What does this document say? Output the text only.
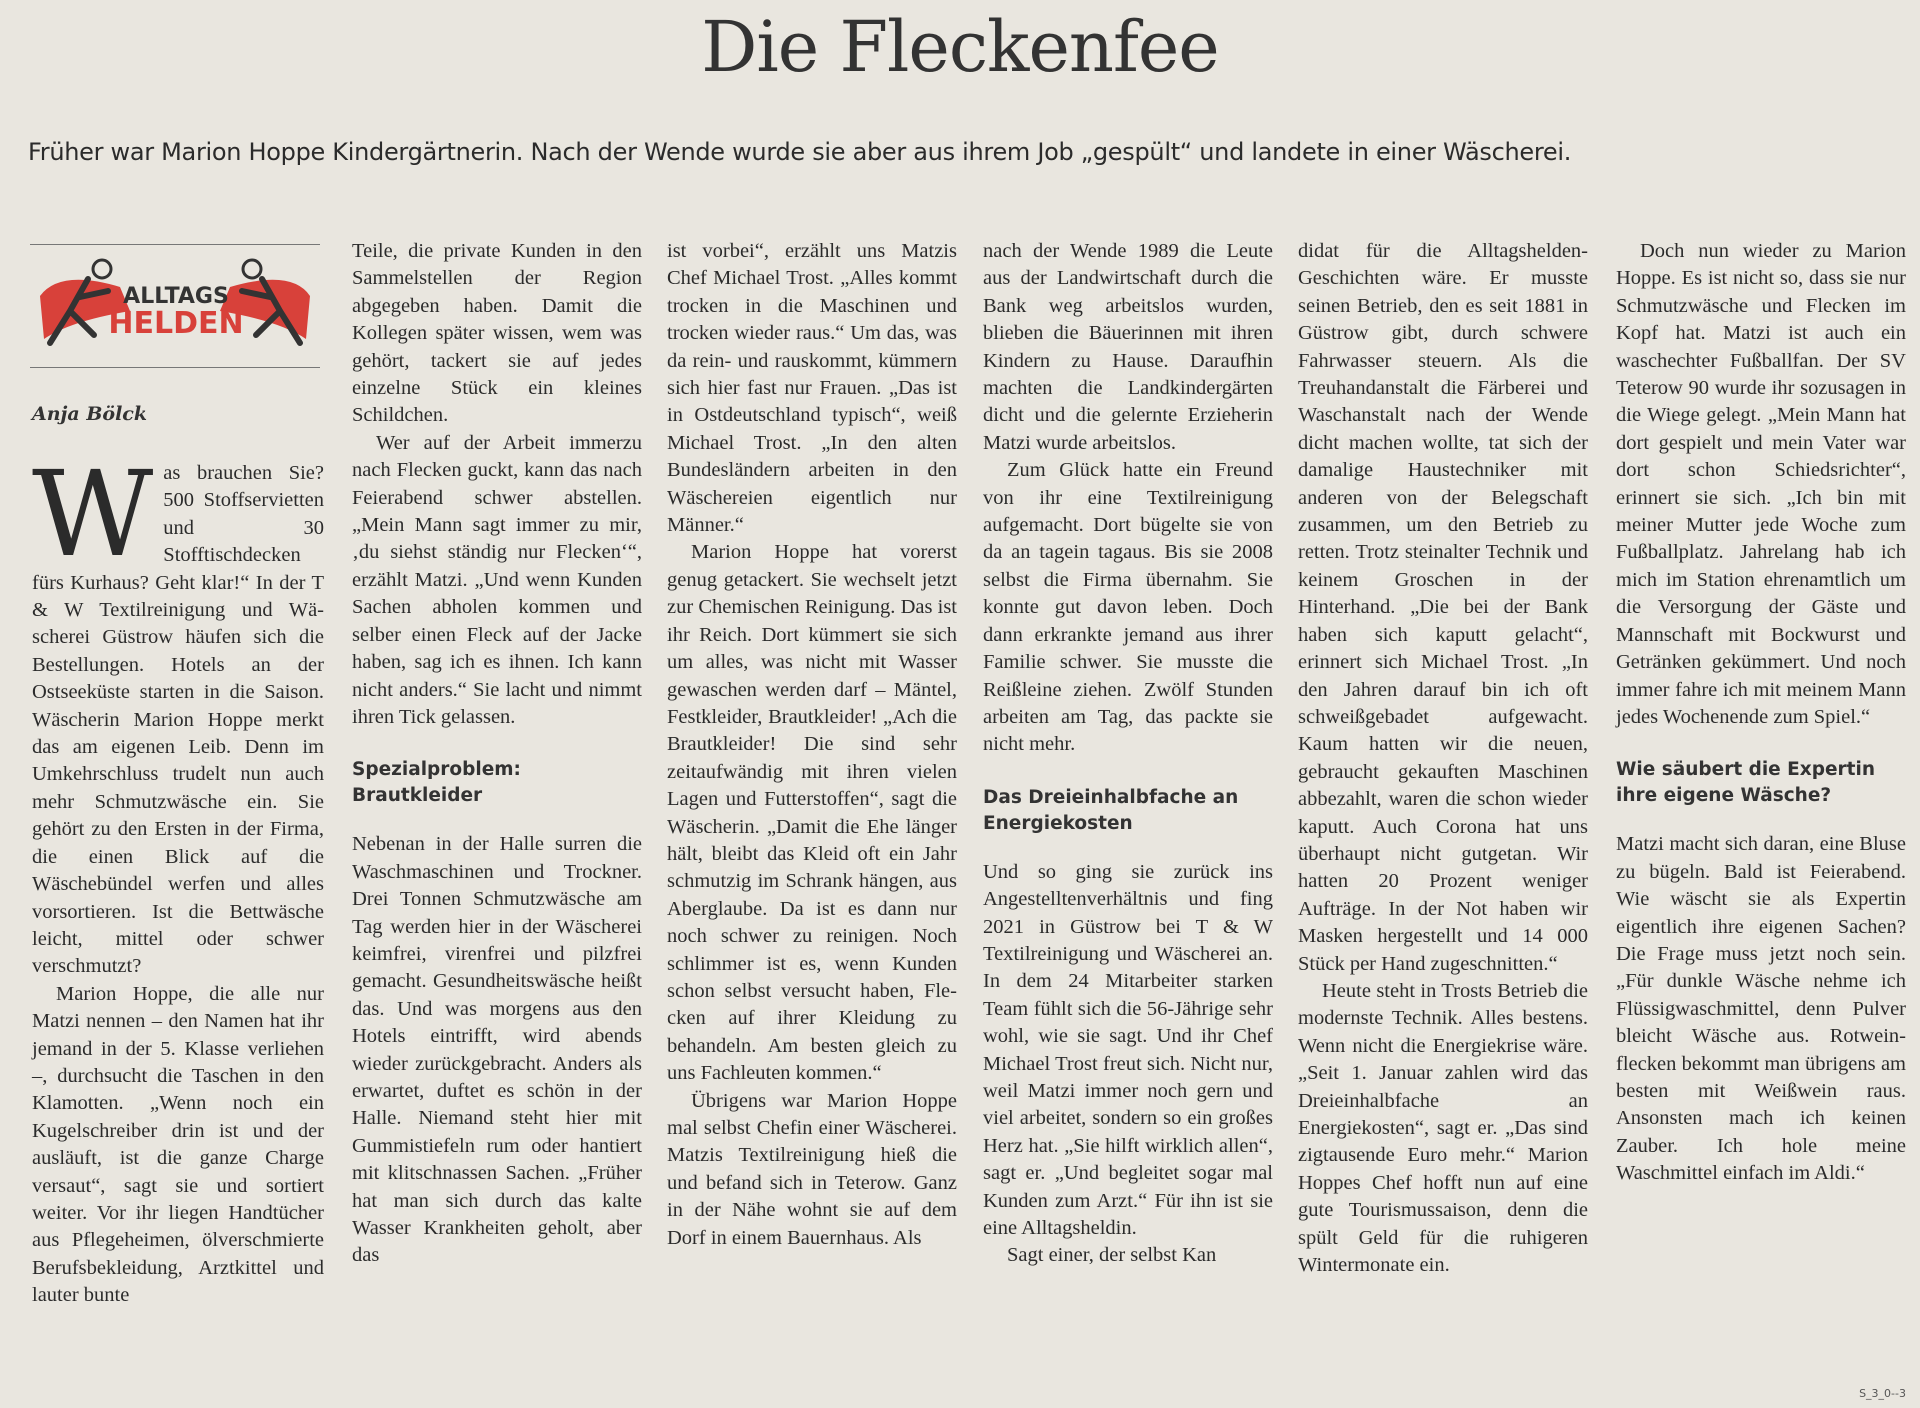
Die Fleckenfee
Früher war Marion Hoppe Kindergärtnerin. Nach der Wende wurde sie aber aus ihrem Job „gespült“ und landete in einer Wäscherei.
ALLTAGS
HELDEN
Anja Bölck

Was brauchen Sie? 500 Stoffservietten und 30 Stofftischdecken fürs Kurhaus? Geht klar!“ In der T & W Textilreinigung und Wäscherei Güstrow häufen sich die Bestellungen. Hotels an der Ostseeküste starten in die Saison. Wäscherin Marion Hoppe merkt das am eigenen Leib. Denn im Umkehrschluss trudelt nun auch mehr Schmutzwäsche ein. Sie gehört zu den Ersten in der Firma, die einen Blick auf die Wäschebündel werfen und alles vorsortieren. Ist die Bettwäsche leicht, mittel oder schwer verschmutzt?

Marion Hoppe, die alle nur Matzi nennen – den Namen hat ihr jemand in der 5. Klasse verliehen –, durchsucht die Taschen in den Klamotten. „Wenn noch ein Kugelschreiber drin ist und der ausläuft, ist die ganze Charge versaut“, sagt sie und sortiert weiter. Vor ihr liegen Handtücher aus Pflegeheimen, ölverschmierte Berufsbekleidung, Arztkittel und lauter bunte

Teile, die private Kunden in den Sammelstellen der Region abgegeben haben. Damit die Kollegen später wissen, wem was gehört, tackert sie auf jedes einzelne Stück ein kleines Schildchen.

Wer auf der Arbeit immerzu nach Flecken guckt, kann das nach Feierabend schwer abstellen. „Mein Mann sagt immer zu mir, ‚du siehst ständig nur Flecken‘“, erzählt Matzi. „Und wenn Kunden Sachen abholen kommen und selber einen Fleck auf der Jacke haben, sag ich es ihnen. Ich kann nicht anders.“ Sie lacht und nimmt ihren Tick gelassen.

Spezialproblem: Brautkleider

Nebenan in der Halle surren die Waschmaschinen und Trockner. Drei Tonnen Schmutzwäsche am Tag werden hier in der Wäscherei keimfrei, virenfrei und pilzfrei gemacht. Gesundheitswäsche heißt das. Und was morgens aus den Hotels eintrifft, wird abends wieder zurückgebracht. Anders als erwartet, duftet es schön in der Halle. Niemand steht hier mit Gummistiefeln rum oder hantiert mit klitschnassen Sachen. „Früher hat man sich durch das kalte Wasser Krankheiten geholt, aber das

ist vorbei“, erzählt uns Matzis Chef Michael Trost. „Alles kommt trocken in die Maschinen und trocken wieder raus.“ Um das, was da rein- und rauskommt, kümmern sich hier fast nur Frauen. „Das ist in Ostdeutschland typisch“, weiß Michael Trost. „In den alten Bundesländern arbeiten in den Wäschereien eigentlich nur Männer.“

Marion Hoppe hat vorerst genug getackert. Sie wechselt jetzt zur Chemischen Reinigung. Das ist ihr Reich. Dort kümmert sie sich um alles, was nicht mit Wasser gewaschen werden darf – Mäntel, Festkleider, Brautkleider! „Ach die Brautkleider! Die sind sehr zeitaufwändig mit ihren vielen Lagen und Futterstoffen“, sagt die Wäscherin. „Damit die Ehe länger hält, bleibt das Kleid oft ein Jahr schmutzig im Schrank hängen, aus Aberglaube. Da ist es dann nur noch schwer zu reinigen. Noch schlimmer ist es, wenn Kunden schon selbst versucht haben, Flecken auf ihrer Kleidung zu behandeln. Am besten gleich zu uns Fachleuten kommen.“

Übrigens war Marion Hoppe mal selbst Chefin einer Wäscherei. Matzis Textilreinigung hieß die und befand sich in Teterow. Ganz in der Nähe wohnt sie auf dem Dorf in einem Bauernhaus. Als

nach der Wende 1989 die Leute aus der Landwirtschaft durch die Bank weg arbeitslos wurden, blieben die Bäuerinnen mit ihren Kindern zu Hause. Daraufhin machten die Landkindergärten dicht und die gelernte Erzieherin Matzi wurde arbeitslos.

Zum Glück hatte ein Freund von ihr eine Textilreinigung aufgemacht. Dort bügelte sie von da an tagein tagaus. Bis sie 2008 selbst die Firma übernahm. Sie konnte gut davon leben. Doch dann erkrankte jemand aus ihrer Familie schwer. Sie musste die Reißleine ziehen. Zwölf Stunden arbeiten am Tag, das packte sie nicht mehr.

Das Dreieinhalbfache an Energiekosten

Und so ging sie zurück ins Angestelltenverhältnis und fing 2021 in Güstrow bei T & W Textilreinigung und Wäscherei an. In dem 24 Mitarbeiter starken Team fühlt sich die 56-Jährige sehr wohl, wie sie sagt. Und ihr Chef Michael Trost freut sich. Nicht nur, weil Matzi immer noch gern und viel arbeitet, sondern so ein großes Herz hat. „Sie hilft wirklich allen“, sagt er. „Und begleitet sogar mal Kunden zum Arzt.“ Für ihn ist sie eine Alltagsheldin.

Sagt einer, der selbst Kan

didat für die Alltagshelden-Geschichten wäre. Er musste seinen Betrieb, den es seit 1881 in Güstrow gibt, durch schwere Fahrwasser steuern. Als die Treuhandanstalt die Färberei und Waschanstalt nach der Wende dicht machen wollte, tat sich der damalige Haustechniker mit anderen von der Belegschaft zusammen, um den Betrieb zu retten. Trotz steinalter Technik und keinem Groschen in der Hinterhand. „Die bei der Bank haben sich kaputt gelacht“, erinnert sich Michael Trost. „In den Jahren darauf bin ich oft schweißgebadet aufgewacht. Kaum hatten wir die neuen, gebraucht gekauften Maschinen abbezahlt, waren die schon wieder kaputt. Auch Corona hat uns überhaupt nicht gutgetan. Wir hatten 20 Prozent weniger Aufträge. In der Not haben wir Masken hergestellt und 14 000 Stück per Hand zugeschnitten.“

Heute steht in Trosts Betrieb die modernste Technik. Alles bestens. Wenn nicht die Energiekrise wäre. „Seit 1. Januar zahlen wird das Dreieinhalbfache an Energiekosten“, sagt er. „Das sind zigtausende Euro mehr.“ Marion Hoppes Chef hofft nun auf eine gute Tourismussaison, denn die spült Geld für die ruhigeren Wintermonate ein.

Doch nun wieder zu Marion Hoppe. Es ist nicht so, dass sie nur Schmutzwäsche und Flecken im Kopf hat. Matzi ist auch ein waschechter Fußballfan. Der SV Teterow 90 wurde ihr sozusagen in die Wiege gelegt. „Mein Mann hat dort gespielt und mein Vater war dort schon Schiedsrichter“, erinnert sie sich. „Ich bin mit meiner Mutter jede Woche zum Fußballplatz. Jahrelang hab ich mich im Station ehrenamtlich um die Versorgung der Gäste und Mannschaft mit Bockwurst und Getränken gekümmert. Und noch immer fahre ich mit meinem Mann jedes Wochenende zum Spiel.“

Wie säubert die Expertin ihre eigene Wäsche?

Matzi macht sich daran, eine Bluse zu bügeln. Bald ist Feierabend. Wie wäscht sie als Expertin eigentlich ihre eigenen Sachen? Die Frage muss jetzt noch sein. „Für dunkle Wäsche nehme ich Flüssigwaschmittel, denn Pulver bleicht Wäsche aus. Rotweinflecken bekommt man übrigens am besten mit Weißwein raus. Ansonsten mach ich keinen Zauber. Ich hole meine Waschmittel einfach im Aldi.“

S_3_0--3
